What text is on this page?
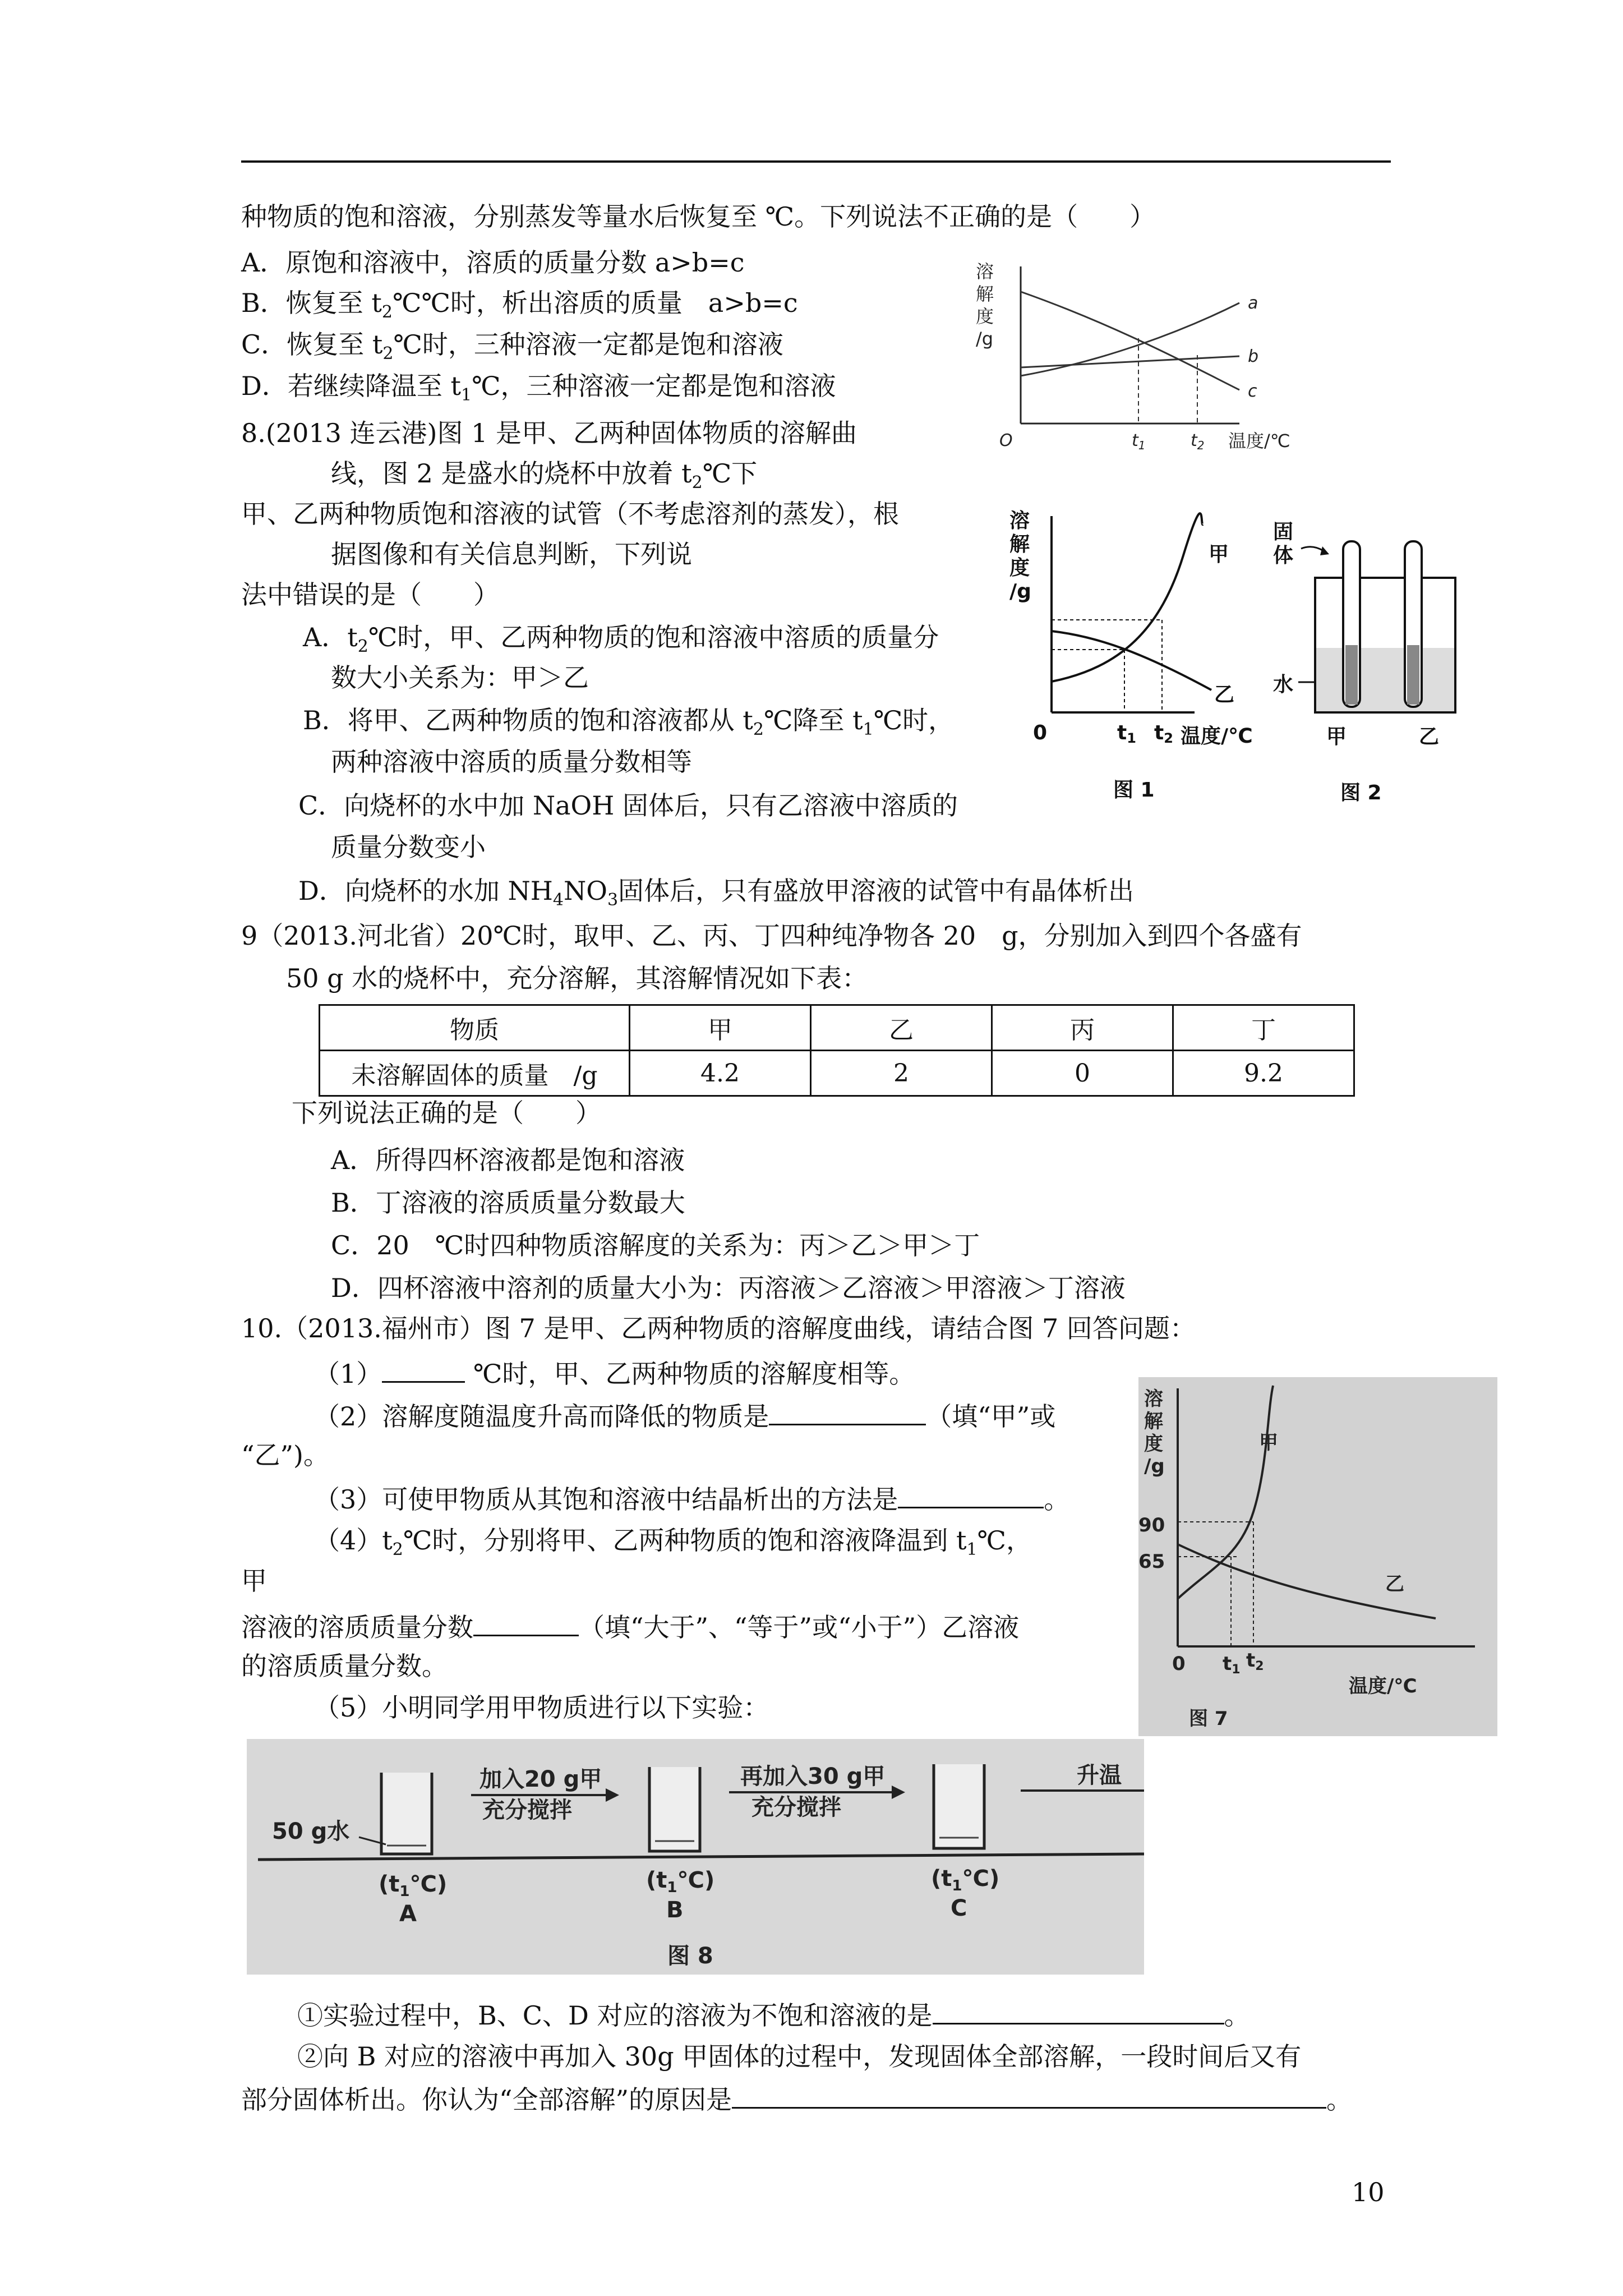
种物质的饱和溶液，分别蒸发等量水后恢复至 ℃。下列说法不正确的是（　　）
A．原饱和溶液中，溶质的质量分数 a>b=c
B．恢复至 $t_2℃℃$时，析出溶质的质量　a>b=c
C．恢复至 $t_2℃$时，三种溶液一定都是饱和溶液
D．若继续降温至 $t_1℃$，三种溶液一定都是饱和溶液
溶
解
度
/g
a
b
c
O	$t_1$	$t_2$ 温度/℃
8.(2013 连云港)图 1 是甲、乙两种固体物质的溶解曲
线，图 2 是盛水的烧杯中放着 $t_2℃$下
甲、乙两种物质饱和溶液的试管（不考虑溶剂的蒸发），根
据图像和有关信息判断，下列说
法中错误的是（　　）
A．$t_2℃$时，甲、乙两种物质的饱和溶液中溶质的质量分
数大小关系为：甲＞乙
B．将甲、乙两种物质的饱和溶液都从 $t_2℃$降至 $t_1℃$时，
两种溶液中溶质的质量分数相等
C．向烧杯的水中加 NaOH 固体后，只有乙溶液中溶质的
质量分数变小
D．向烧杯的水加 $NH_4NO_3$固体后，只有盛放甲溶液的试管中有晶体析出
溶
解
度
/g
甲
乙
0	t1 t2 温度/℃
图 1
固
体
水
甲	乙
图 2
9（2013.河北省）20℃时，取甲、乙、丙、丁四种纯净物各 20　g，分别加入到四个各盛有
50 g 水的烧杯中，充分溶解，其溶解情况如下表：
物质	甲	乙	丙	丁
未溶解固体的质量　/g	4.2	2	0	9.2
下列说法正确的是（　　）
A．所得四杯溶液都是饱和溶液
B．丁溶液的溶质质量分数最大
C．20　℃时四种物质溶解度的关系为：丙＞乙＞甲＞丁
D．四杯溶液中溶剂的质量大小为：丙溶液＞乙溶液＞甲溶液＞丁溶液
10.（2013.福州市）图 7 是甲、乙两种物质的溶解度曲线，请结合图 7 回答问题：
（1）	℃时，甲、乙两种物质的溶解度相等。
（2）溶解度随温度升高而降低的物质是	（填“甲”或
“乙”)。
（3）可使甲物质从其饱和溶液中结晶析出的方法是	。
$(4)t_2℃$时，分别将甲、乙两种物质的饱和溶液降温到 $t_1℃$，
甲
溶液的溶质质量分数	（填“大于”、“等于”或“小于”）乙溶液
的溶质质量分数。
（5）小明同学用甲物质进行以下实验：
溶
解
度
/g
90
65
甲
乙
0 t1 t2
温度/℃
图 7
50 g水
加入20 g甲
充分搅拌
再加入30 g甲
充分搅拌
升温
$(t_1℃)$	$(t_1℃)$	$(t_1℃)$
A	B	C
图 8
①实验过程中，B、C、D 对应的溶液为不饱和溶液的是	。
②向 B 对应的溶液中再加入 30g 甲固体的过程中，发现固体全部溶解，一段时间后又有
部分固体析出。你认为“全部溶解”的原因是	。
10
